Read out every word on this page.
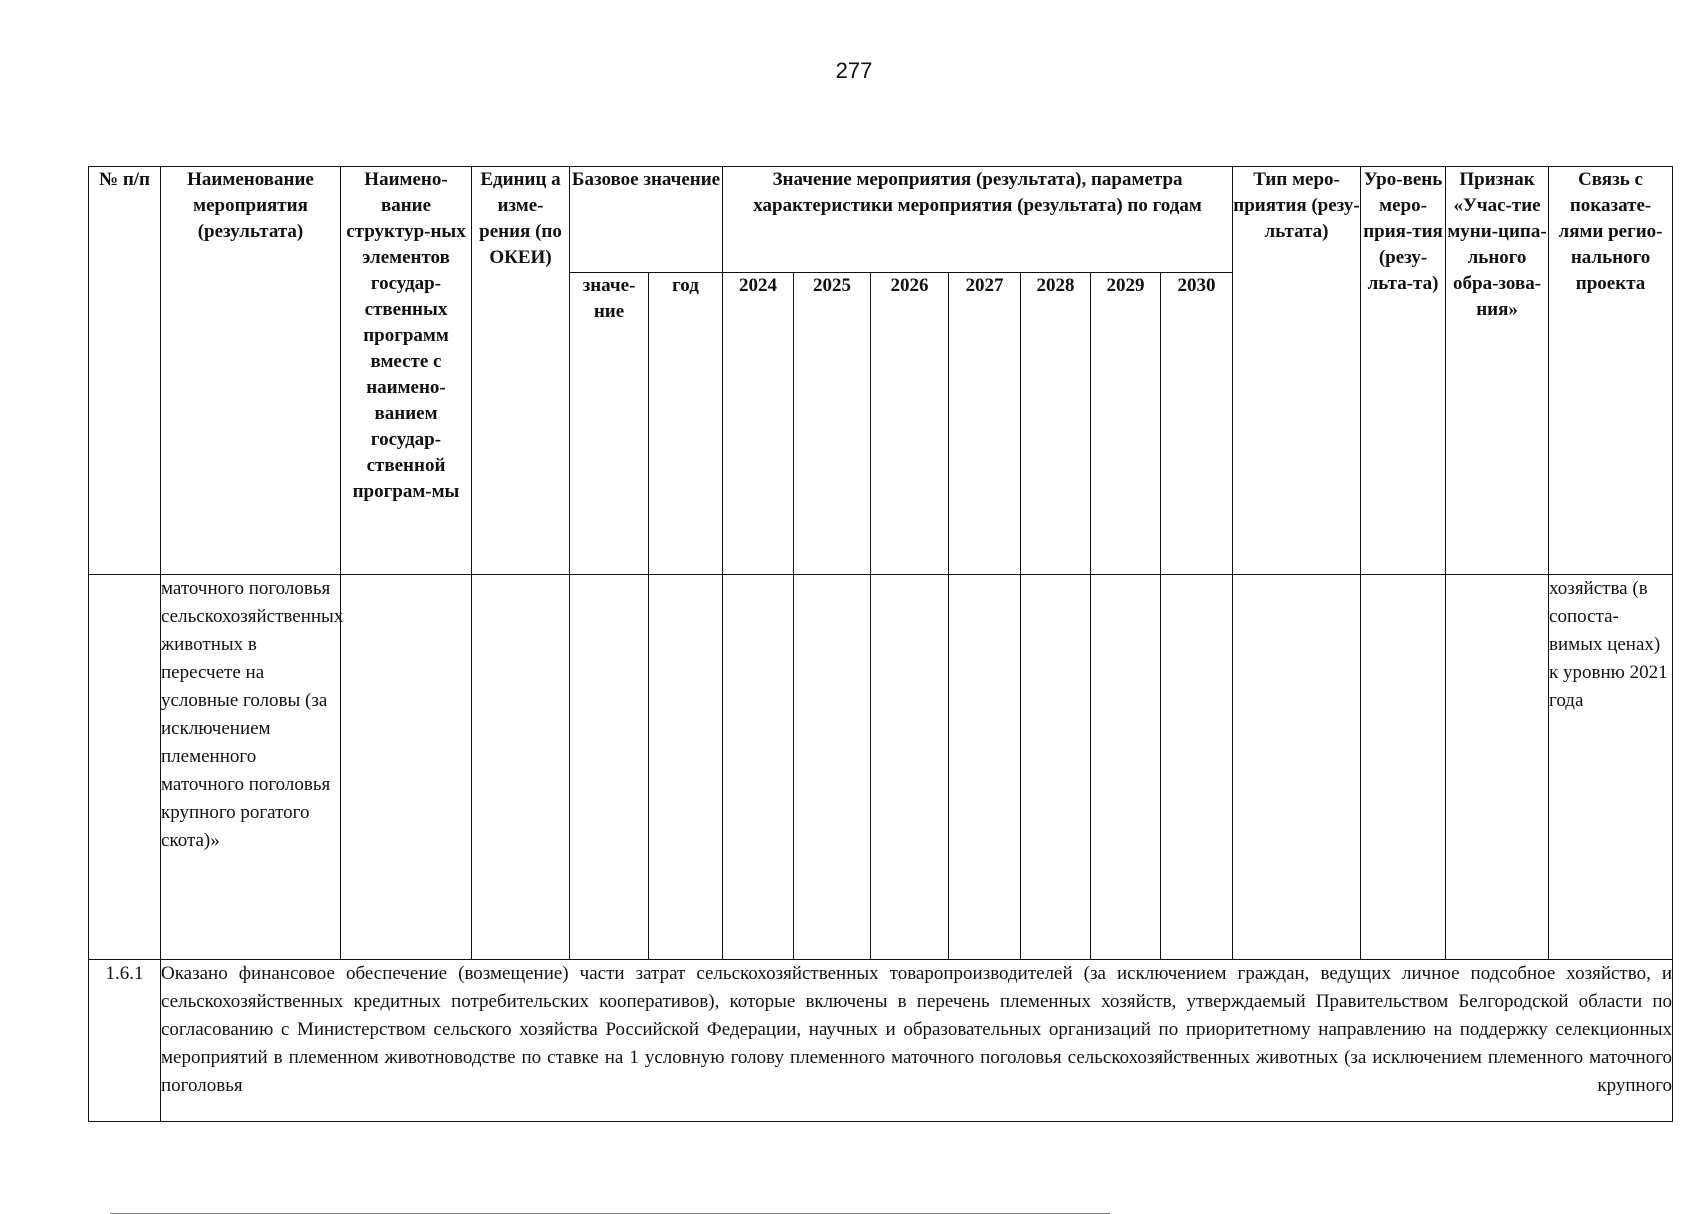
277
№ п/п	Наименование мероприятия (результата)	Наимено-вание структур-ных элементов государ-ственных программ вместе с наимено-ванием государ-ственной програм-мы	Единиц а изме-рения (по ОКЕИ)	Базовое значение		Значение мероприятия (результата), параметра характеристики мероприятия (результата) по годам							Тип меро-приятия (резу-льтата)	Уро-вень меро-прия-тия (резу-льта-та)	Признак «Учас-тие муни-ципа-льного обра-зова-ния»	Связь с показате-лями регио-нального проекта
				значе-ние	год	2024	2025	2026	2027	2028	2029	2030				
	маточного поголовья сельскохозяйственных животных в пересчете на условные головы (за исключением племенного маточного поголовья крупного рогатого скота)»															хозяйства (в сопоста-вимых ценах) к уровню 2021 года
1.6.1	Оказано финансовое обеспечение (возмещение) части затрат сельскохозяйственных товаропроизводителей (за исключением граждан, ведущих личное подсобное хозяйство, и сельскохозяйственных кредитных потребительских кооперативов), которые включены в перечень племенных хозяйств, утверждаемый Правительством Белгородской области по согласованию с Министерством сельского хозяйства Российской Федерации, научных и образовательных организаций по приоритетному направлению на поддержку селекционных мероприятий в племенном животноводстве по ставке на 1 условную голову племенного маточного поголовья сельскохозяйственных животных (за исключением племенного маточного поголовья крупного															
